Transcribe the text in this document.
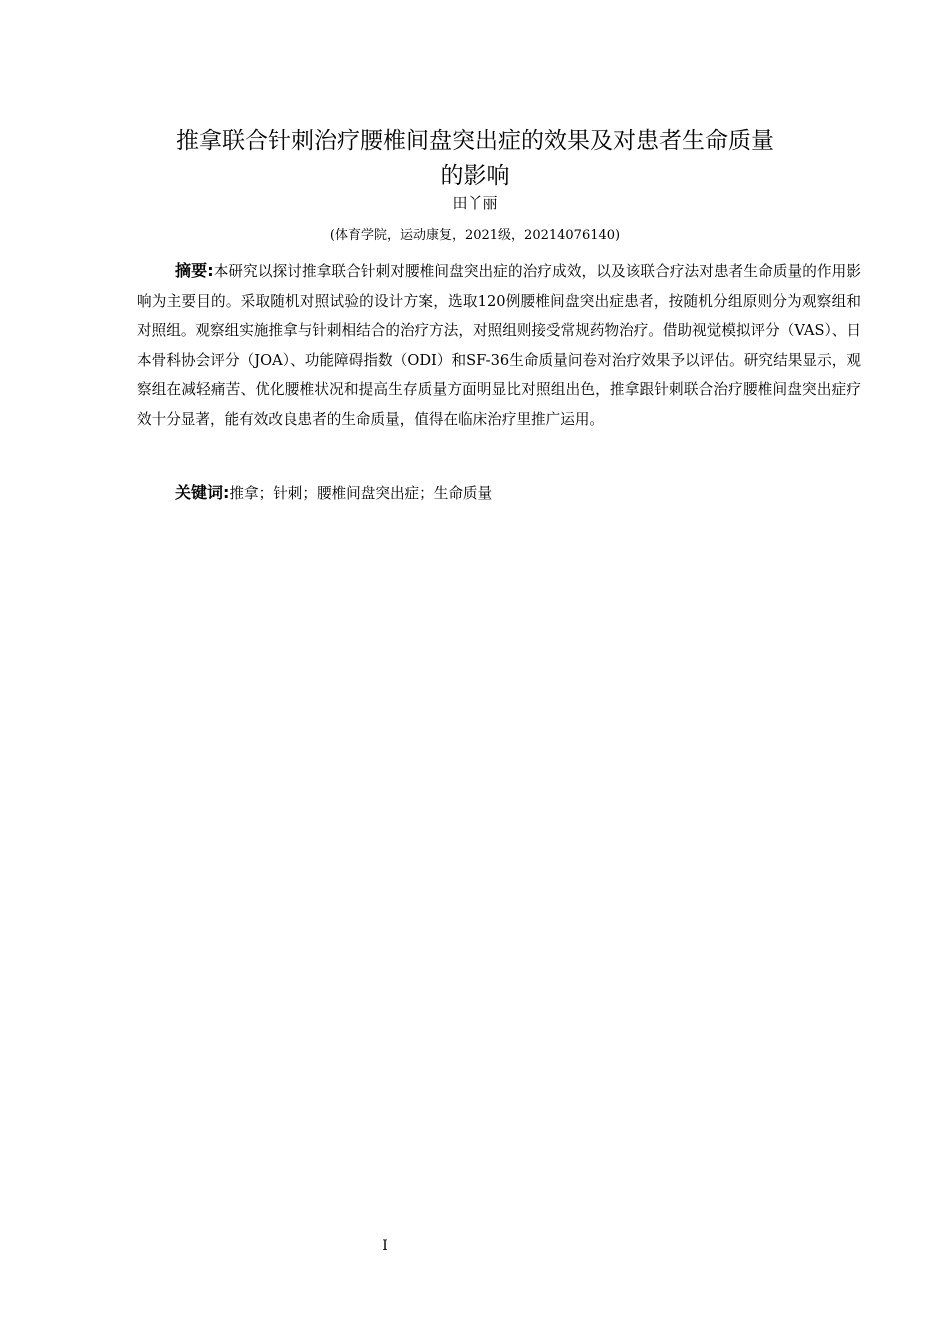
推拿联合针刺治疗腰椎间盘突出症的效果及对患者生命质量
的影响
田丫丽
(体育学院，运动康复，2021级，20214076140)

摘要:本研究以探讨推拿联合针刺对腰椎间盘突出症的治疗成效，以及该联合疗法对患者生命质量的作用影响为主要目的。采取随机对照试验的设计方案，选取120例腰椎间盘突出症患者，按随机分组原则分为观察组和对照组。观察组实施推拿与针刺相结合的治疗方法，对照组则接受常规药物治疗。借助视觉模拟评分（VAS）、日本骨科协会评分（JOA）、功能障碍指数（ODI）和SF-36生命质量问卷对治疗效果予以评估。研究结果显示，观察组在减轻痛苦、优化腰椎状况和提高生存质量方面明显比对照组出色，推拿跟针刺联合治疗腰椎间盘突出症疗效十分显著，能有效改良患者的生命质量，值得在临床治疗里推广运用。

关键词:推拿；针刺；腰椎间盘突出症；生命质量

I
